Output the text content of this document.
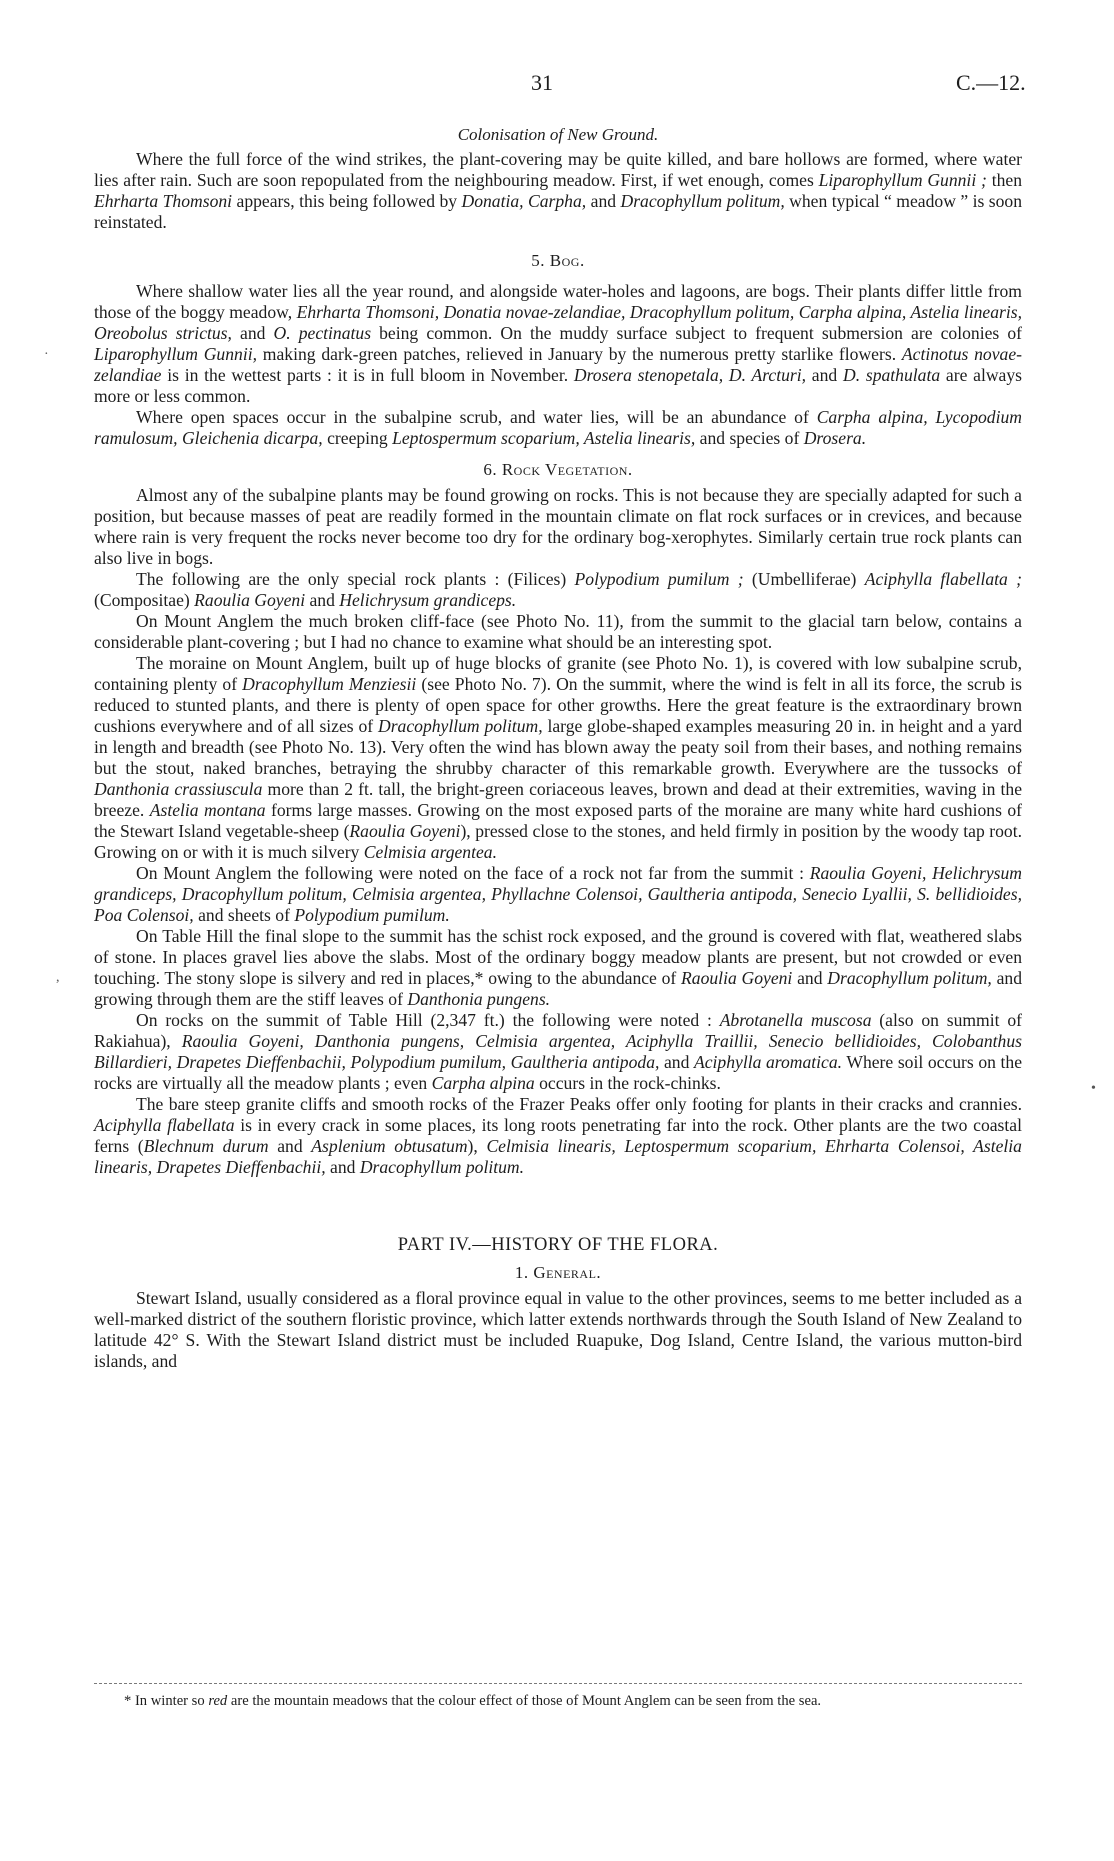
31	C.—12.

Colonisation of New Ground.

Where the full force of the wind strikes, the plant-covering may be quite killed, and bare hollows are formed, where water lies after rain. Such are soon repopulated from the neighbouring meadow. First, if wet enough, comes Liparophyllum Gunnii ; then Ehrharta Thomsoni appears, this being followed by Donatia, Carpha, and Dracophyllum politum, when typical “ meadow ” is soon reinstated.

5. Bog.

Where shallow water lies all the year round, and alongside water-holes and lagoons, are bogs. Their plants differ little from those of the boggy meadow, Ehrharta Thomsoni, Donatia novae-zelandiae, Dracophyllum politum, Carpha alpina, Astelia linearis, Oreobolus strictus, and O. pectinatus being common. On the muddy surface subject to frequent submersion are colonies of Liparophyllum Gunnii, making dark-green patches, relieved in January by the numerous pretty starlike flowers. Actinotus novae-zelandiae is in the wettest parts : it is in full bloom in November. Drosera stenopetala, D. Arcturi, and D. spathulata are always more or less common.

Where open spaces occur in the subalpine scrub, and water lies, will be an abundance of Carpha alpina, Lycopodium ramulosum, Gleichenia dicarpa, creeping Leptospermum scoparium, Astelia linearis, and species of Drosera.

6. Rock Vegetation.

Almost any of the subalpine plants may be found growing on rocks. This is not because they are specially adapted for such a position, but because masses of peat are readily formed in the mountain climate on flat rock surfaces or in crevices, and because where rain is very frequent the rocks never become too dry for the ordinary bog-xerophytes. Similarly certain true rock plants can also live in bogs.

The following are the only special rock plants : (Filices) Polypodium pumilum ; (Umbelliferae) Aciphylla flabellata ; (Compositae) Raoulia Goyeni and Helichrysum grandiceps.

On Mount Anglem the much broken cliff-face (see Photo No. 11), from the summit to the glacial tarn below, contains a considerable plant-covering ; but I had no chance to examine what should be an interesting spot.

The moraine on Mount Anglem, built up of huge blocks of granite (see Photo No. 1), is covered with low subalpine scrub, containing plenty of Dracophyllum Menziesii (see Photo No. 7). On the summit, where the wind is felt in all its force, the scrub is reduced to stunted plants, and there is plenty of open space for other growths. Here the great feature is the extraordinary brown cushions everywhere and of all sizes of Dracophyllum politum, large globe-shaped examples measuring 20 in. in height and a yard in length and breadth (see Photo No. 13). Very often the wind has blown away the peaty soil from their bases, and nothing remains but the stout, naked branches, betraying the shrubby character of this remarkable growth. Everywhere are the tussocks of Danthonia crassiuscula more than 2 ft. tall, the bright-green coriaceous leaves, brown and dead at their extremities, waving in the breeze. Astelia montana forms large masses. Growing on the most exposed parts of the moraine are many white hard cushions of the Stewart Island vegetable-sheep (Raoulia Goyeni), pressed close to the stones, and held firmly in position by the woody tap root. Growing on or with it is much silvery Celmisia argentea.

On Mount Anglem the following were noted on the face of a rock not far from the summit : Raoulia Goyeni, Helichrysum grandiceps, Dracophyllum politum, Celmisia argentea, Phyllachne Colensoi, Gaultheria antipoda, Senecio Lyallii, S. bellidioides, Poa Colensoi, and sheets of Polypodium pumilum.

On Table Hill the final slope to the summit has the schist rock exposed, and the ground is covered with flat, weathered slabs of stone. In places gravel lies above the slabs. Most of the ordinary boggy meadow plants are present, but not crowded or even touching. The stony slope is silvery and red in places,* owing to the abundance of Raoulia Goyeni and Dracophyllum politum, and growing through them are the stiff leaves of Danthonia pungens.

On rocks on the summit of Table Hill (2,347 ft.) the following were noted : Abrotanella muscosa (also on summit of Rakiahua), Raoulia Goyeni, Danthonia pungens, Celmisia argentea, Aciphylla Traillii, Senecio bellidioides, Colobanthus Billardieri, Drapetes Dieffenbachii, Polypodium pumilum, Gaultheria antipoda, and Aciphylla aromatica. Where soil occurs on the rocks are virtually all the meadow plants ; even Carpha alpina occurs in the rock-chinks.

The bare steep granite cliffs and smooth rocks of the Frazer Peaks offer only footing for plants in their cracks and crannies. Aciphylla flabellata is in every crack in some places, its long roots penetrating far into the rock. Other plants are the two coastal ferns (Blechnum durum and Asplenium obtusatum), Celmisia linearis, Leptospermum scoparium, Ehrharta Colensoi, Astelia linearis, Drapetes Dieffenbachii, and Dracophyllum politum.

PART IV.—HISTORY OF THE FLORA.

1. General.

Stewart Island, usually considered as a floral province equal in value to the other provinces, seems to me better included as a well-marked district of the southern floristic province, which latter extends northwards through the South Island of New Zealand to latitude 42° S. With the Stewart Island district must be included Ruapuke, Dog Island, Centre Island, the various mutton-bird islands, and

* In winter so red are the mountain meadows that the colour effect of those of Mount Anglem can be seen from the sea.

·
,
•
